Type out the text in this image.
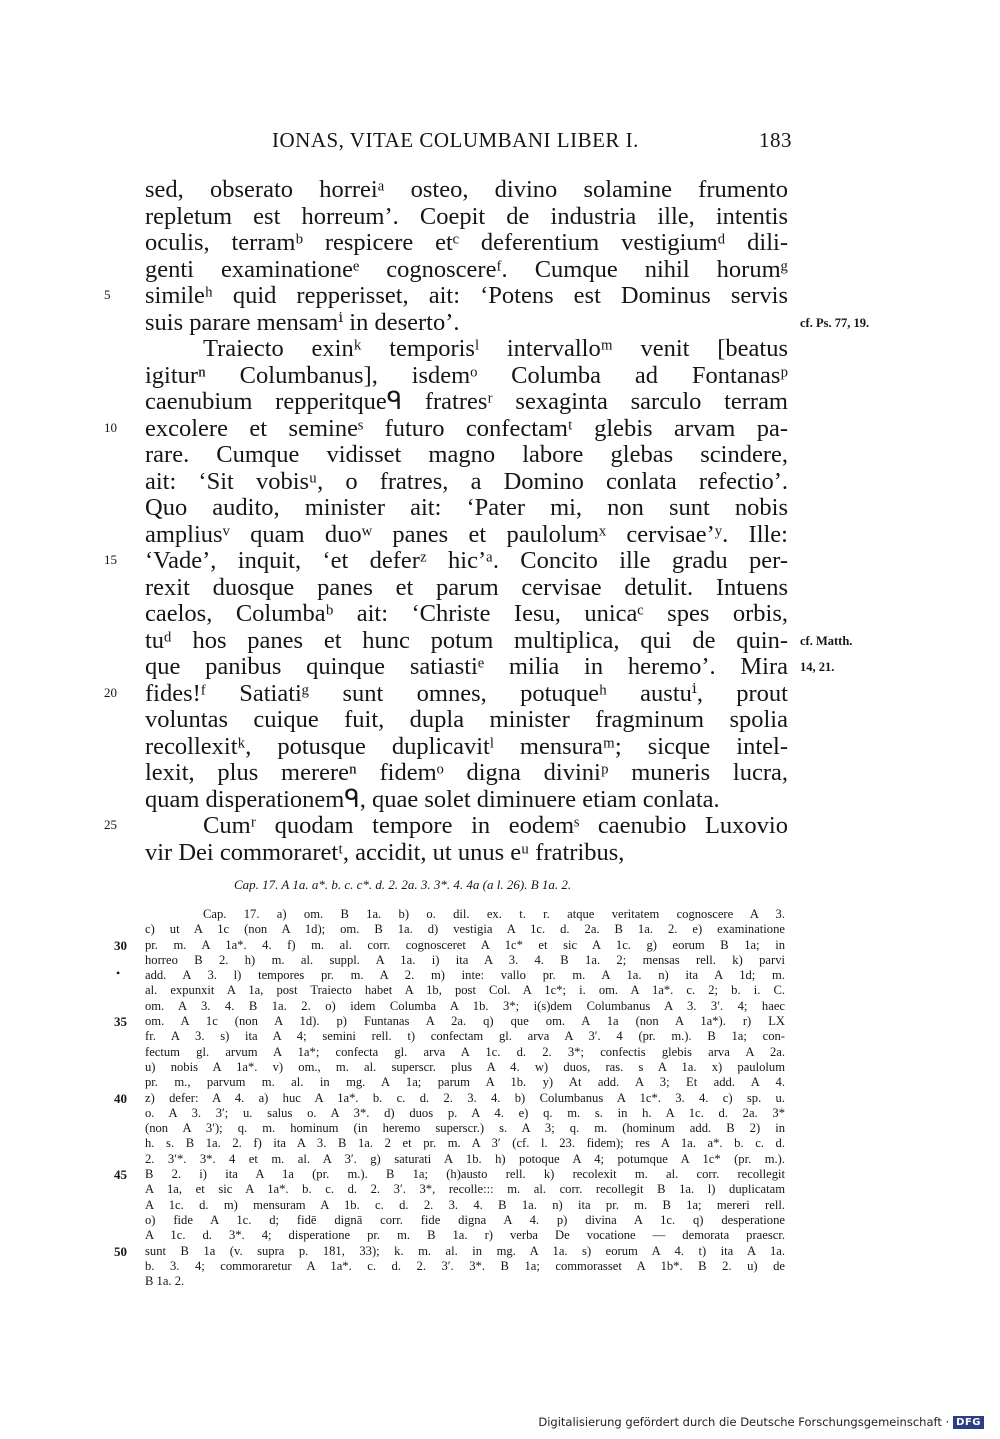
IONAS, VITAE COLUMBANI LIBER I.	183
sed, obserato horreiᵃ osteo, divino solamine frumento
repletum est horreum’. Coepit de industria ille, intentis
oculis, terramᵇ respicere etᶜ deferentium vestigiumᵈ dili-
genti examinationeᵉ cognoscereᶠ. Cumque nihil horumᵍ
5	simileʰ quid repperisset, ait: ‘Potens est Dominus servis
suis parare mensamⁱ in deserto’.	cf. Ps. 77, 19.
Traiecto exinᵏ temporisˡ intervalloᵐ venit [beatus
igiturⁿ Columbanus], isdemᵒ Columba ad Fontanasᵖ
caenubium repperitqueᑫ fratresʳ sexaginta sarculo terram
10	excolere et semineˢ futuro confectamᵗ glebis arvam pa-
rare. Cumque vidisset magno labore glebas scindere,
ait: ‘Sit vobisᵘ, o fratres, a Domino conlata refectio’.
Quo audito, minister ait: ‘Pater mi, non sunt nobis
ampliusᵛ quam duoʷ panes et paulolumˣ cervisae’ʸ. Ille:
15	‘Vade’, inquit, ‘et deferᶻ hic’ᵃ. Concito ille gradu per-
rexit duosque panes et parum cervisae detulit. Intuens
caelos, Columbaᵇ ait: ‘Christe Iesu, unicaᶜ spes orbis,
tuᵈ hos panes et hunc potum multiplica, qui de quin- cf. Matth.
que panibus quinque satiastiᵉ milia in heremo’. Mira 14, 21.
20	fides!ᶠ Satiatiᵍ sunt omnes, potuqueʰ austuⁱ, prout
voluntas cuique fuit, dupla minister fragminum spolia
recollexitᵏ, potusque duplicavitˡ mensuraᵐ; sicque intel-
lexit, plus merereⁿ fidemᵒ digna diviniᵖ muneris lucra,
quam disperationemᑫ, quae solet diminuere etiam conlata.
25	Cumʳ quodam tempore in eodemˢ caenubio Luxovio
vir Dei commoraretᵗ, accidit, ut unus eᵘ fratribus,
Cap. 17. A 1a. a*. b. c. c*. d. 2. 2a. 3. 3*. 4. 4a (a l. 26). B 1a. 2.
•
Cap. 17. a) om. B 1a. b) o. dil. ex. t. r. atque veritatem cognoscere A 3.
c) ut A 1c (non A 1d); om. B 1a. d) vestigia A 1c. d. 2a. B 1a. 2. e) examinatione
30 pr. m. A 1a*. 4. f) m. al. corr. cognosceret A 1c* et sic A 1c. g) eorum B 1a; in
horreo B 2. h) m. al. suppl. A 1a. i) ita A 3. 4. B 1a. 2; mensas rell. k) parvi
add. A 3. l) tempores pr. m. A 2. m) inte: vallo pr. m. A 1a. n) ita A 1d; m.
al. expunxit A 1a, post Traiecto habet A 1b, post Col. A 1c*; i. om. A 1a*. c. 2; b. i. C.
om. A 3. 4. B 1a. 2. o) idem Columba A 1b. 3*; i(s)dem Columbanus A 3. 3′. 4; haec
35 om. A 1c (non A 1d). p) Funtanas A 2a. q) que om. A 1a (non A 1a*). r) LX
fr. A 3. s) ita A 4; semini rell. t) confectam gl. arva A 3′. 4 (pr. m.). B 1a; con-
fectum gl. arvum A 1a*; confecta gl. arva A 1c. d. 2. 3*; confectis glebis arva A 2a.
u) nobis A 1a*. v) om., m. al. superscr. plus A 4. w) duos, ras. s A 1a. x) paulolum
pr. m., parvum m. al. in mg. A 1a; parum A 1b. y) At add. A 3; Et add. A 4.
40 z) defer: A 4. a) huc A 1a*. b. c. d. 2. 3. 4. b) Columbanus A 1c*. 3. 4. c) sp. u.
o. A 3. 3′; u. salus o. A 3*. d) duos p. A 4. e) q. m. s. in h. A 1c. d. 2a. 3*
(non A 3′); q. m. hominum (in heremo superscr.) s. A 3; q. m. (hominum add. B 2) in
h. s. B 1a. 2. f) ita A 3. B 1a. 2 et pr. m. A 3′ (cf. l. 23. fidem); res A 1a. a*. b. c. d.
2. 3′*. 3*. 4 et m. al. A 3′. g) saturati A 1b. h) potoque A 4; potumque A 1c* (pr. m.).
45 B 2. i) ita A 1a (pr. m.). B 1a; (h)austo rell. k) recolexit m. al. corr. recollegit
A 1a, et sic A 1a*. b. c. d. 2. 3′. 3*, recolle::: m. al. corr. recollegit B 1a. l) duplicatam
A 1c. d. m) mensuram A 1b. c. d. 2. 3. 4. B 1a. n) ita pr. m. B 1a; mereri rell.
o) fide A 1c. d; fidē dignā corr. fide digna A 4. p) divina A 1c. q) desperatione
A 1c. d. 3*. 4; disperatione pr. m. B 1a. r) verba De vocatione — demorata praescr.
50 sunt B 1a (v. supra p. 181, 33); k. m. al. in mg. A 1a. s) eorum A 4. t) ita A 1a.
b. 3. 4; commoraretur A 1a*. c. d. 2. 3′. 3*. B 1a; commorasset A 1b*. B 2. u) de
B 1a. 2.
Digitalisierung gefördert durch die Deutsche Forschungsgemeinschaft · DFG
